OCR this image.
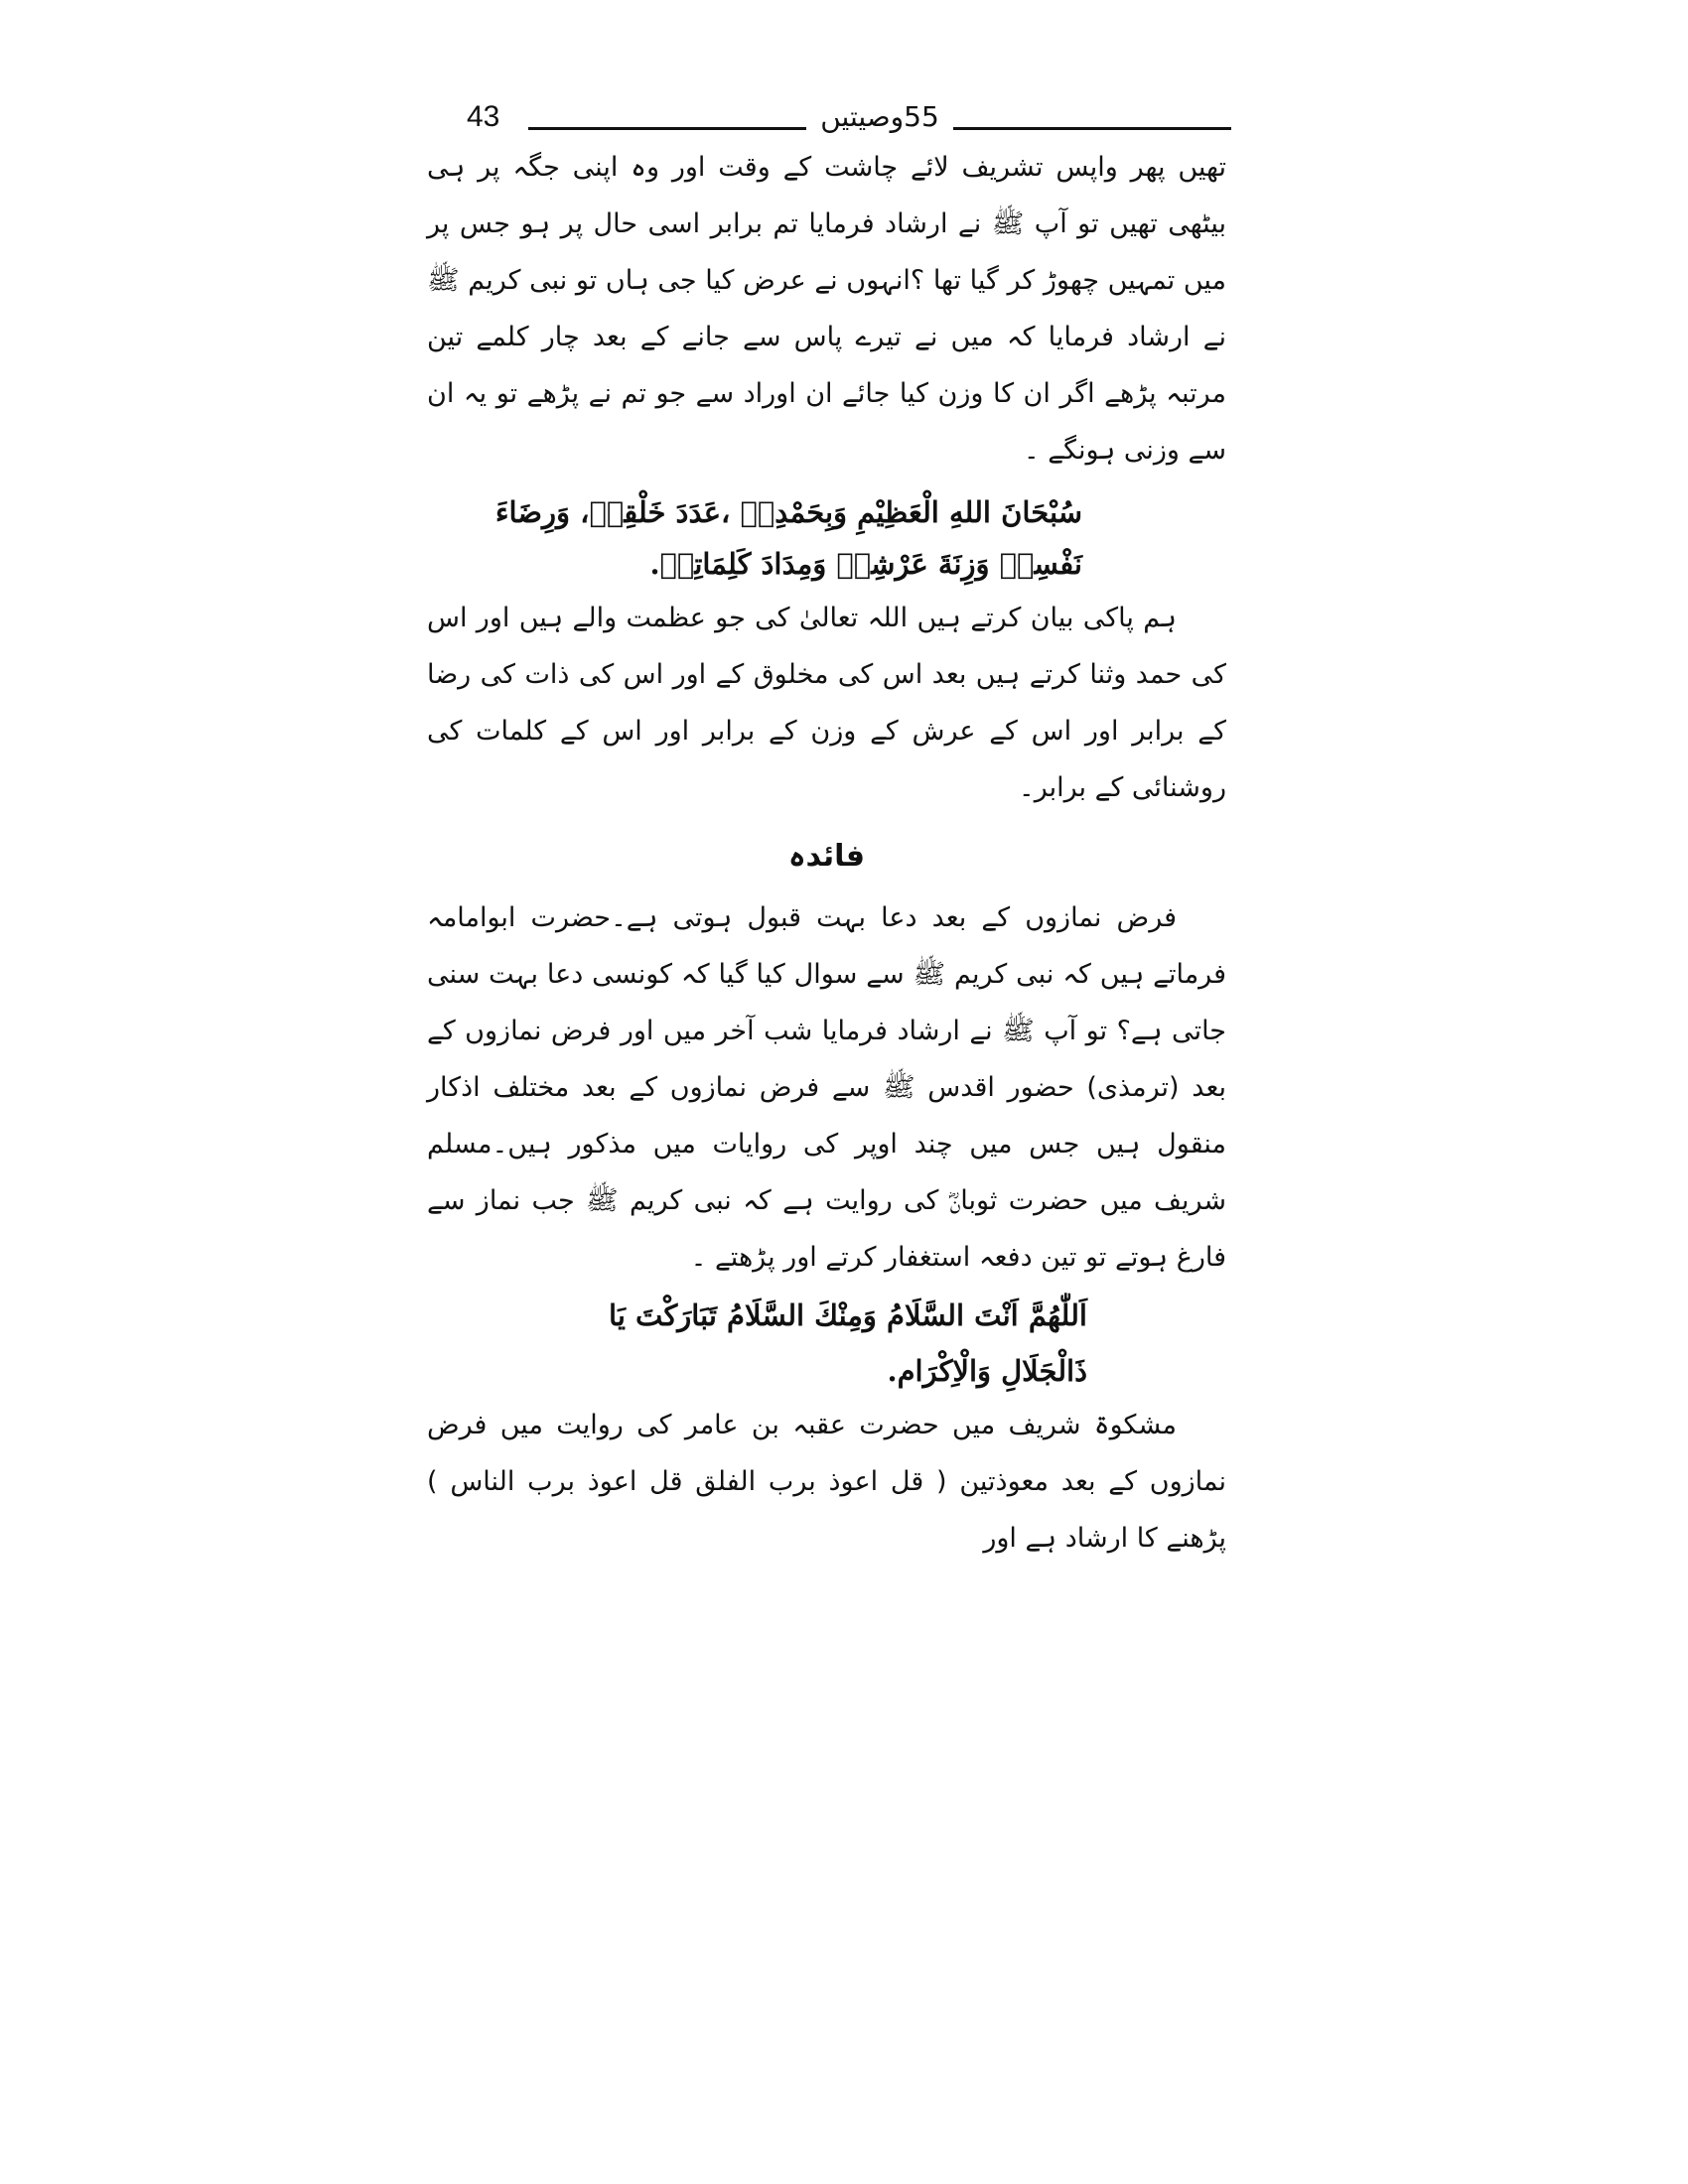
43	55وصیتیں

تھیں پھر واپس تشریف لائے چاشت کے وقت اور وہ اپنی جگہ پر ہی بیٹھی تھیں تو آپ ﷺ نے ارشاد فرمایا تم برابر اسی حال پر ہو جس پر میں تمہیں چھوڑ کر گیا تھا ؟انہوں نے عرض کیا جی ہاں تو نبی کریم ﷺ نے ارشاد فرمایا کہ میں نے تیرے پاس سے جانے کے بعد چار کلمے تین مرتبہ پڑھے اگر ان کا وزن کیا جائے ان اوراد سے جو تم نے پڑھے تو یہ ان سے وزنی ہونگے ۔

سُبْحَانَ اللهِ الْعَظِيْمِ وَبِحَمْدِهٖ ،عَدَدَ خَلْقِهٖ، وَرِضَاءَ

نَفْسِهٖ وَزِنَةَ عَرْشِهٖ وَمِدَادَ كَلِمَاتِهٖ.

ہم پاکی بیان کرتے ہیں اللہ تعالیٰ کی جو عظمت والے ہیں اور اس کی حمد وثنا کرتے ہیں بعد اس کی مخلوق کے اور اس کی ذات کی رضا کے برابر اور اس کے عرش کے وزن کے برابر اور اس کے کلمات کی روشنائی کے برابر۔

فائدہ

فرض نمازوں کے بعد دعا بہت قبول ہوتی ہے۔حضرت ابوامامہ فرماتے ہیں کہ نبی کریم ﷺ سے سوال کیا گیا کہ کونسی دعا بہت سنی جاتی ہے؟ تو آپ ﷺ نے ارشاد فرمایا شب آخر میں اور فرض نمازوں کے بعد (ترمذی) حضور اقدس ﷺ سے فرض نمازوں کے بعد مختلف اذکار منقول ہیں جس میں چند اوپر کی روایات میں مذکور ہیں۔مسلم شریف میں حضرت ثوبانؓ کی روایت ہے کہ نبی کریم ﷺ جب نماز سے فارغ ہوتے تو تین دفعہ استغفار کرتے اور پڑھتے ۔

اَللّٰهُمَّ اَنْتَ السَّلَامُ وَمِنْكَ السَّلَامُ تَبَارَكْتَ يَا

ذَالْجَلَالِ وَالْاِكْرَام.

مشکوۃ شریف میں حضرت عقبہ بن عامر کی روایت میں فرض نمازوں کے بعد معوذتین ( قل اعوذ برب الفلق قل اعوذ برب الناس ) پڑھنے کا ارشاد ہے اور
